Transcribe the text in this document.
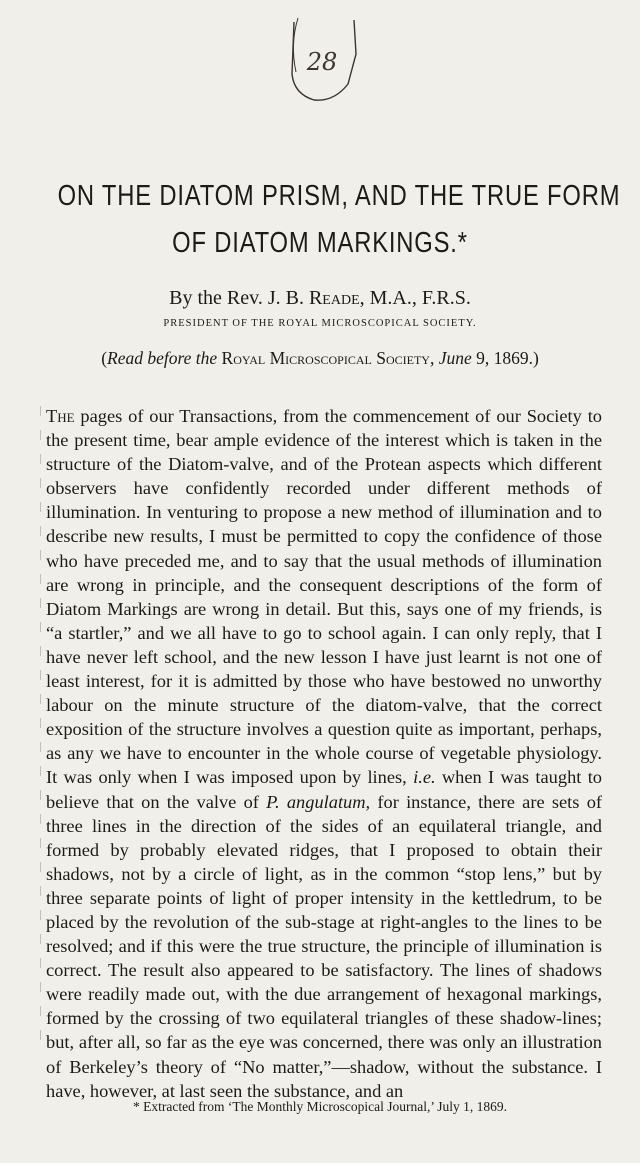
28
ON THE DIATOM PRISM, AND THE TRUE FORM
OF DIATOM MARKINGS.*
By the Rev. J. B. Reade, M.A., F.R.S.
PRESIDENT OF THE ROYAL MICROSCOPICAL SOCIETY.
(Read before the Royal Microscopical Society, June 9, 1869.)

The pages of our Transactions, from the commencement of our Society to the present time, bear ample evidence of the interest which is taken in the structure of the Diatom-valve, and of the Protean aspects which different observers have confidently recorded under different methods of illumination. In venturing to propose a new method of illumination and to describe new results, I must be permitted to copy the confidence of those who have preceded me, and to say that the usual methods of illumination are wrong in principle, and the consequent descriptions of the form of Diatom Markings are wrong in detail. But this, says one of my friends, is “a startler,” and we all have to go to school again. I can only reply, that I have never left school, and the new lesson I have just learnt is not one of least interest, for it is admitted by those who have bestowed no unworthy labour on the minute structure of the diatom-valve, that the correct exposition of the structure involves a question quite as important, perhaps, as any we have to encounter in the whole course of vegetable physiology. It was only when I was imposed upon by lines, i.e. when I was taught to believe that on the valve of P. angulatum, for instance, there are sets of three lines in the direction of the sides of an equilateral triangle, and formed by probably elevated ridges, that I proposed to obtain their shadows, not by a circle of light, as in the common “stop lens,” but by three separate points of light of proper intensity in the kettledrum, to be placed by the revolution of the sub-stage at right-angles to the lines to be resolved; and if this were the true structure, the principle of illumination is correct. The result also appeared to be satisfactory. The lines of shadows were readily made out, with the due arrangement of hexagonal markings, formed by the crossing of two equilateral triangles of these shadow-lines; but, after all, so far as the eye was concerned, there was only an illustration of Berkeley’s theory of “No matter,”—shadow, without the substance. I have, however, at last seen the substance, and an

* Extracted from ‘The Monthly Microscopical Journal,’ July 1, 1869.
